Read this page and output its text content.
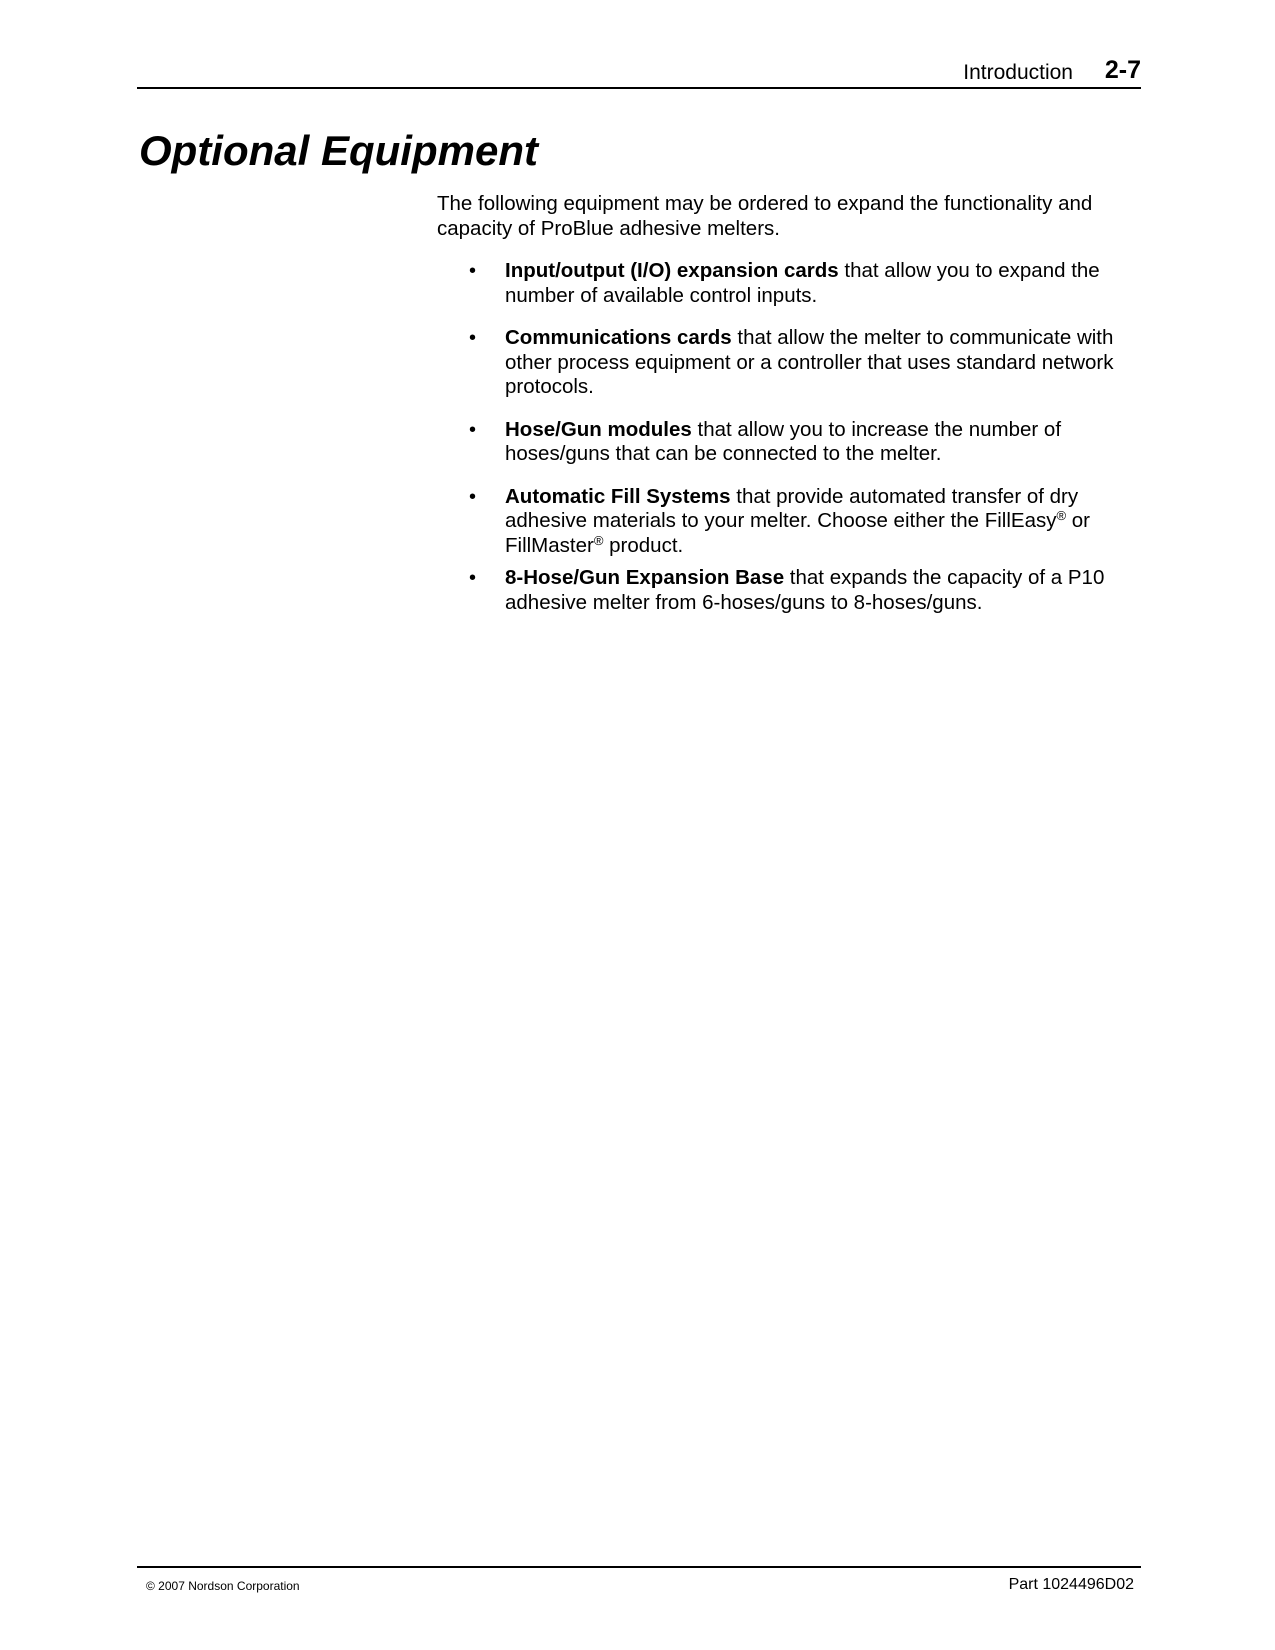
Introduction 2-7
Optional Equipment

The following equipment may be ordered to expand the functionality and capacity of ProBlue adhesive melters.

• Input/output (I/O) expansion cards that allow you to expand the number of available control inputs.
• Communications cards that allow the melter to communicate with other process equipment or a controller that uses standard network protocols.
• Hose/Gun modules that allow you to increase the number of hoses/guns that can be connected to the melter.
• Automatic Fill Systems that provide automated transfer of dry adhesive materials to your melter. Choose either the FillEasy® or FillMaster® product.
• 8-Hose/Gun Expansion Base that expands the capacity of a P10 adhesive melter from 6-hoses/guns to 8-hoses/guns.
© 2007 Nordson Corporation	Part 1024496D02
